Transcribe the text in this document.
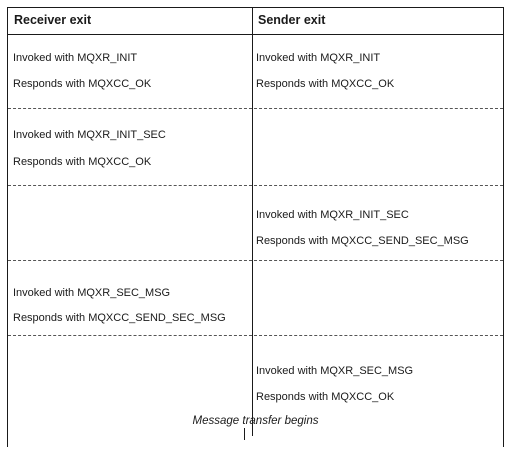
Receiver exit	Sender exit
Invoked with MQXR_INIT
Responds with MQXCC_OK
Invoked with MQXR_INIT
Responds with MQXCC_OK
Invoked with MQXR_INIT_SEC
Responds with MQXCC_OK
Invoked with MQXR_INIT_SEC
Responds with MQXCC_SEND_SEC_MSG
Invoked with MQXR_SEC_MSG
Responds with MQXCC_SEND_SEC_MSG
Invoked with MQXR_SEC_MSG
Responds with MQXCC_OK
Message transfer begins
